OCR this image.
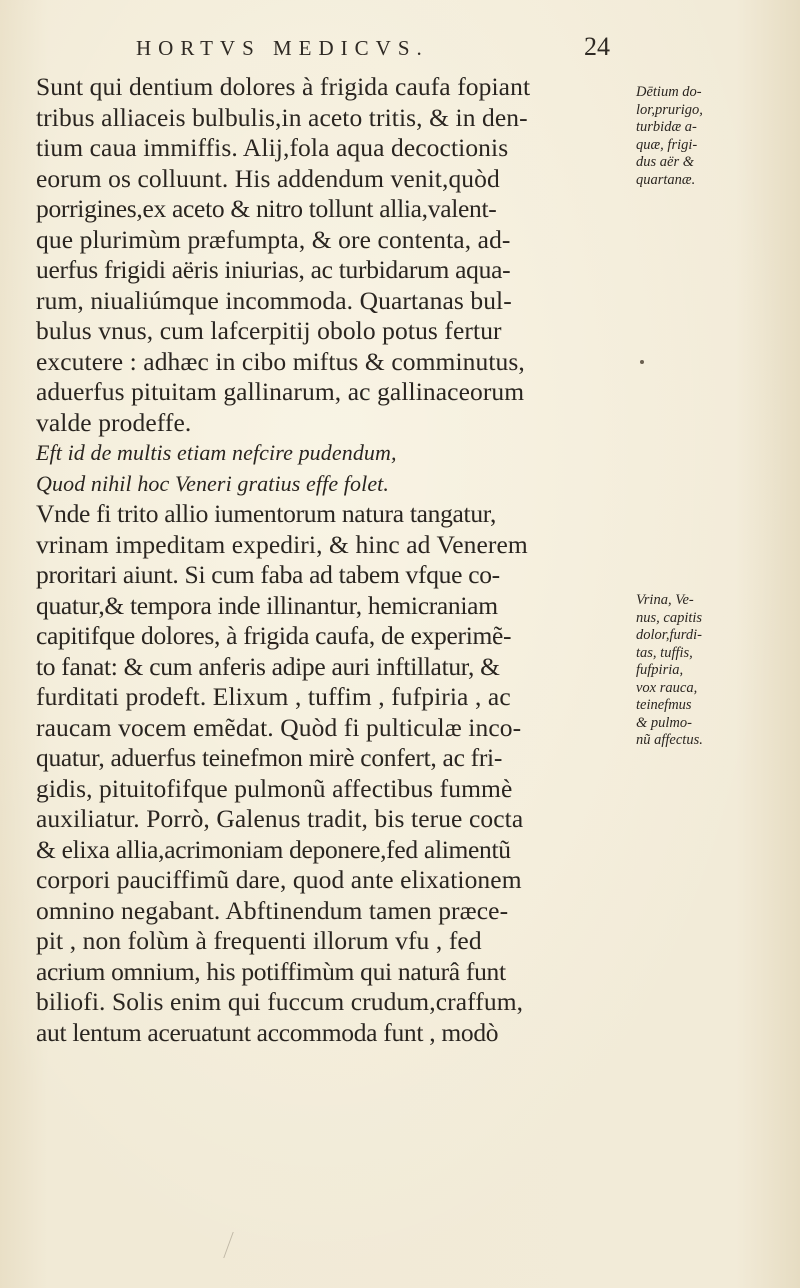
HORTVS MEDICVS.	24
Sunt qui dentium dolores à frigida caufa fopiant
tribus alliaceis bulbulis,in aceto tritis, & in den-
tium caua immiffis. Alij,fola aqua decoctionis
eorum os colluunt. His addendum venit,quòd
porrigines,ex aceto & nitro tollunt allia,valent-
que plurimùm præfumpta, & ore contenta, ad-
uerfus frigidi aëris iniurias, ac turbidarum aqua-
rum, niualiúmque incommoda. Quartanas bul-
bulus vnus, cum lafcerpitij obolo potus fertur
excutere : adhæc in cibo miftus & comminutus,
aduerfus pituitam gallinarum, ac gallinaceorum
valde prodeffe.
Eft id de multis etiam nefcire pudendum,
Quod nihil hoc Veneri gratius effe folet.
Vnde fi trito allio iumentorum natura tangatur,
vrinam impeditam expediri, & hinc ad Venerem
proritari aiunt. Si cum faba ad tabem vfque co-
quatur,& tempora inde illinantur, hemicraniam
capitifque dolores, à frigida caufa, de experimẽ-
to fanat: & cum anferis adipe auri inftillatur, &
furditati prodeft. Elixum , tuffim , fufpiria , ac
raucam vocem emẽdat. Quòd fi pulticulæ inco-
quatur, aduerfus teinefmon mirè confert, ac fri-
gidis, pituitofifque pulmonũ affectibus fummè
auxiliatur. Porrò, Galenus tradit, bis terue cocta
& elixa allia,acrimoniam deponere,fed alimentũ
corpori pauciffimũ dare, quod ante elixationem
omnino negabant. Abftinendum tamen præce-
pit , non folùm à frequenti illorum vfu , fed
acrium omnium, his potiffimùm qui naturâ funt
biliofi. Solis enim qui fuccum crudum,craffum,
aut lentum aceruatunt accommoda funt , modò
Dētium do-
lor,prurigo,
turbidæ a-
quæ, frigi-
dus aër &
quartanæ.
Vrina, Ve-
nus, capitis
dolor,furdi-
tas, tuffis,
fufpiria,
vox rauca,
teinefmus
& pulmo-
nũ affectus.
